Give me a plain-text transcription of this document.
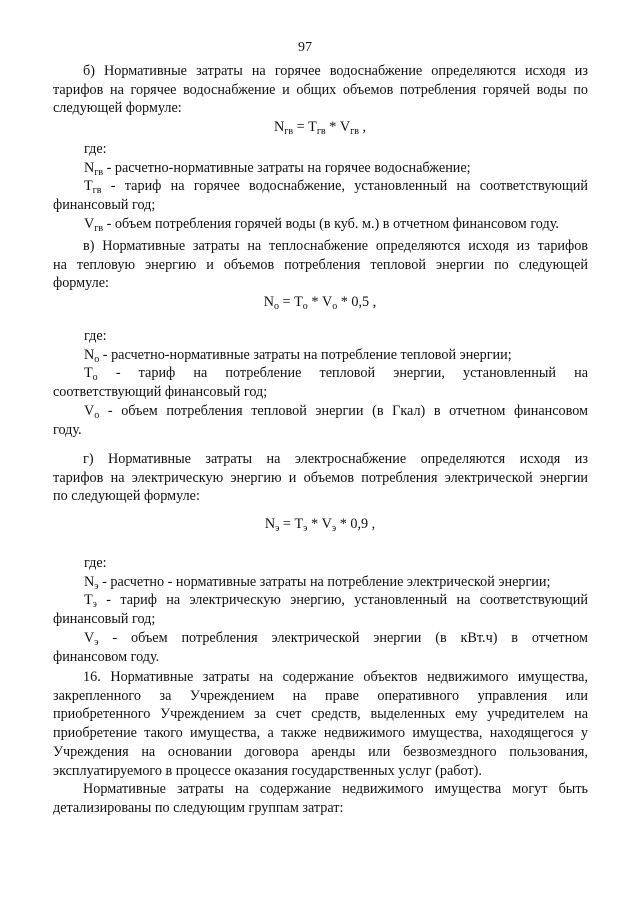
97
б) Нормативные затраты на горячее водоснабжение определяются исходя из
тарифов на горячее водоснабжение и общих объемов потребления горячей воды по
следующей формуле:
$N_{гв} = T_{гв} * V_{гв}$ ,
где:
$N_{гв}$ - расчетно-нормативные затраты на горячее водоснабжение;
$T_{гв}$ - тариф на горячее водоснабжение, установленный на соответствующий
финансовый год;
$V_{гв}$ - объем потребления горячей воды (в куб. м.) в отчетном финансовом году.
в) Нормативные затраты на теплоснабжение определяются исходя из тарифов
на тепловую энергию и объемов потребления тепловой энергии по следующей
формуле:
$N_о = T_о * V_о * 0,5$ ,
где:
$N_о$ - расчетно-нормативные затраты на потребление тепловой энергии;
$T_о$ - тариф на потребление тепловой энергии, установленный на
соответствующий финансовый год;
$V_о$ - объем потребления тепловой энергии (в Гкал) в отчетном финансовом
году.
г) Нормативные затраты на электроснабжение определяются исходя из
тарифов на электрическую энергию и объемов потребления электрической энергии
по следующей формуле:
$N_э = T_э * V_э * 0,9$ ,
где:
$N_э$ - расчетно - нормативные затраты на потребление электрической энергии;
$T_э$ - тариф на электрическую энергию, установленный на соответствующий
финансовый год;
$V_э$ - объем потребления электрической энергии (в кВт.ч) в отчетном
финансовом году.
16. Нормативные затраты на содержание объектов недвижимого имущества,
закрепленного за Учреждением на праве оперативного управления или
приобретенного Учреждением за счет средств, выделенных ему учредителем на
приобретение такого имущества, а также недвижимого имущества, находящегося у
Учреждения на основании договора аренды или безвозмездного пользования,
эксплуатируемого в процессе оказания государственных услуг (работ).
Нормативные затраты на содержание недвижимого имущества могут быть
детализированы по следующим группам затрат:
